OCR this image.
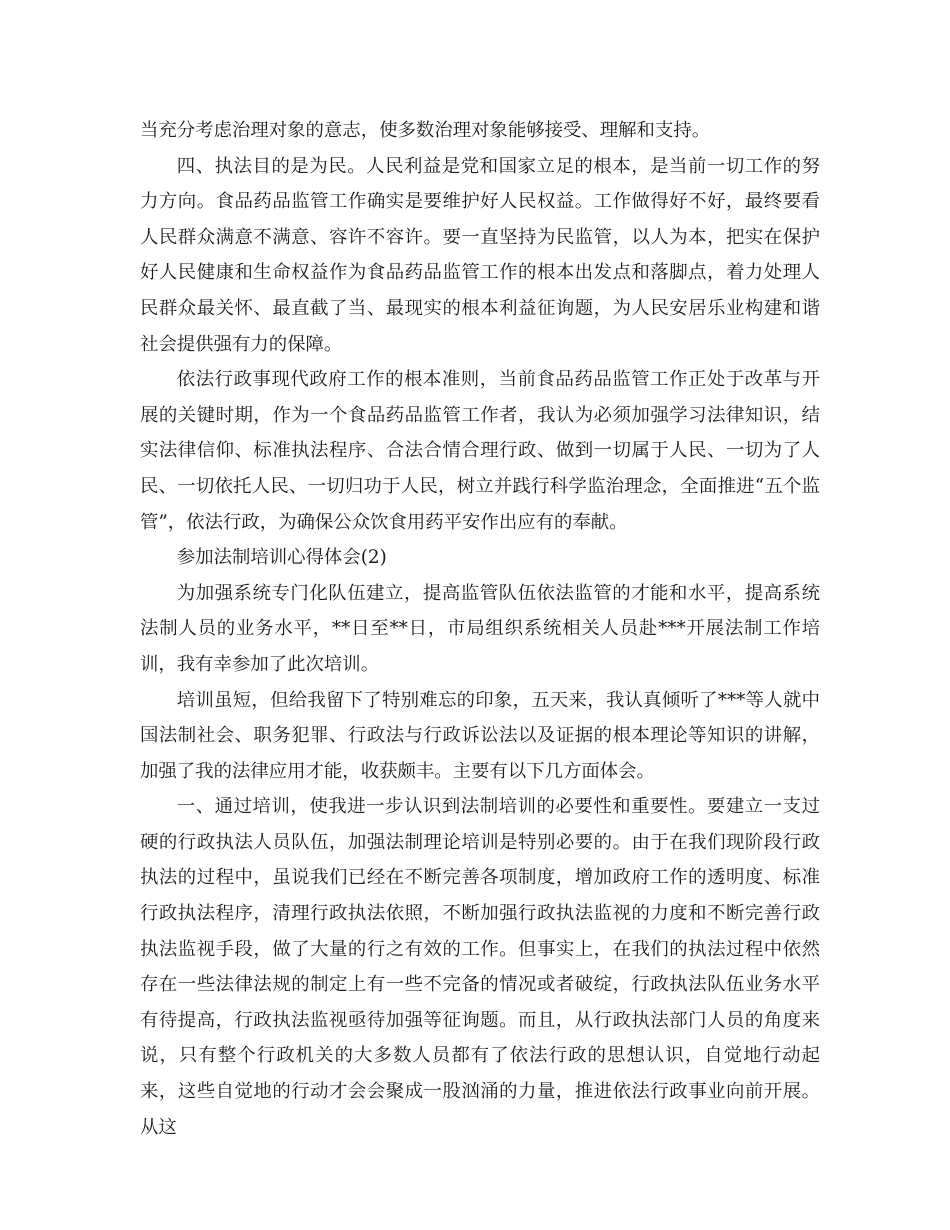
当充分考虑治理对象的意志，使多数治理对象能够接受、理解和支持。

四、执法目的是为民。人民利益是党和国家立足的根本，是当前一切工作的努力方向。食品药品监管工作确实是要维护好人民权益。工作做得好不好，最终要看人民群众满意不满意、容许不容许。要一直坚持为民监管，以人为本，把实在保护好人民健康和生命权益作为食品药品监管工作的根本出发点和落脚点，着力处理人民群众最关怀、最直截了当、最现实的根本利益征询题，为人民安居乐业构建和谐社会提供强有力的保障。

依法行政事现代政府工作的根本准则，当前食品药品监管工作正处于改革与开展的关键时期，作为一个食品药品监管工作者，我认为必须加强学习法律知识，结实法律信仰、标准执法程序、合法合情合理行政、做到一切属于人民、一切为了人民、一切依托人民、一切归功于人民，树立并践行科学监治理念，全面推进“五个监管”，依法行政，为确保公众饮食用药平安作出应有的奉献。

参加法制培训心得体会(2)

为加强系统专门化队伍建立，提高监管队伍依法监管的才能和水平，提高系统法制人员的业务水平，**日至**日，市局组织系统相关人员赴***开展法制工作培训，我有幸参加了此次培训。

培训虽短，但给我留下了特别难忘的印象，五天来，我认真倾听了***等人就中国法制社会、职务犯罪、行政法与行政诉讼法以及证据的根本理论等知识的讲解，加强了我的法律应用才能，收获颇丰。主要有以下几方面体会。

一、通过培训，使我进一步认识到法制培训的必要性和重要性。要建立一支过硬的行政执法人员队伍，加强法制理论培训是特别必要的。由于在我们现阶段行政执法的过程中，虽说我们已经在不断完善各项制度，增加政府工作的透明度、标准行政执法程序，清理行政执法依照，不断加强行政执法监视的力度和不断完善行政执法监视手段，做了大量的行之有效的工作。但事实上，在我们的执法过程中依然存在一些法律法规的制定上有一些不完备的情况或者破绽，行政执法队伍业务水平有待提高，行政执法监视亟待加强等征询题。而且，从行政执法部门人员的角度来说，只有整个行政机关的大多数人员都有了依法行政的思想认识，自觉地行动起来，这些自觉地的行动才会会聚成一股汹涌的力量，推进依法行政事业向前开展。从这
